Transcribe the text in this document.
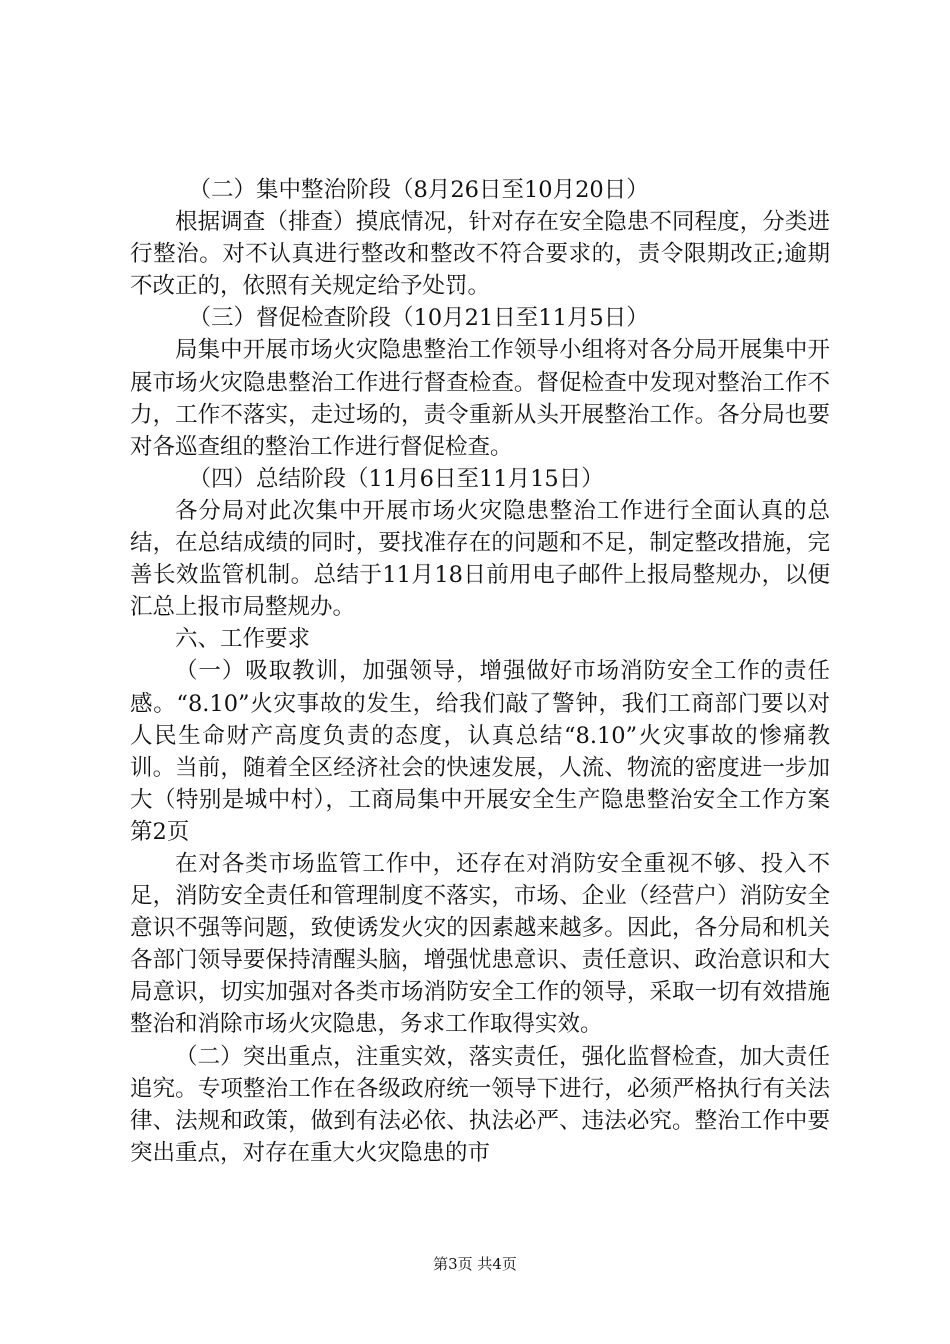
（二）集中整治阶段（8月26日至10月20日）

根据调查（排查）摸底情况，针对存在安全隐患不同程度，分类进行整治。对不认真进行整改和整改不符合要求的，责令限期改正;逾期不改正的，依照有关规定给予处罚。

（三）督促检查阶段（10月21日至11月5日）

局集中开展市场火灾隐患整治工作领导小组将对各分局开展集中开展市场火灾隐患整治工作进行督查检查。督促检查中发现对整治工作不力，工作不落实，走过场的，责令重新从头开展整治工作。各分局也要对各巡查组的整治工作进行督促检查。

（四）总结阶段（11月6日至11月15日）

各分局对此次集中开展市场火灾隐患整治工作进行全面认真的总结，在总结成绩的同时，要找准存在的问题和不足，制定整改措施，完善长效监管机制。总结于11月18日前用电子邮件上报局整规办，以便汇总上报市局整规办。

六、工作要求

（一）吸取教训，加强领导，增强做好市场消防安全工作的责任感。“8.10”火灾事故的发生，给我们敲了警钟，我们工商部门要以对人民生命财产高度负责的态度，认真总结“8.10”火灾事故的惨痛教训。当前，随着全区经济社会的快速发展，人流、物流的密度进一步加大（特别是城中村），工商局集中开展安全生产隐患整治安全工作方案第2页

在对各类市场监管工作中，还存在对消防安全重视不够、投入不足，消防安全责任和管理制度不落实，市场、企业（经营户）消防安全意识不强等问题，致使诱发火灾的因素越来越多。因此，各分局和机关各部门领导要保持清醒头脑，增强忧患意识、责任意识、政治意识和大局意识，切实加强对各类市场消防安全工作的领导，采取一切有效措施整治和消除市场火灾隐患，务求工作取得实效。

（二）突出重点，注重实效，落实责任，强化监督检查，加大责任追究。专项整治工作在各级政府统一领导下进行，必须严格执行有关法律、法规和政策，做到有法必依、执法必严、违法必究。整治工作中要突出重点，对存在重大火灾隐患的市

第3页 共4页
